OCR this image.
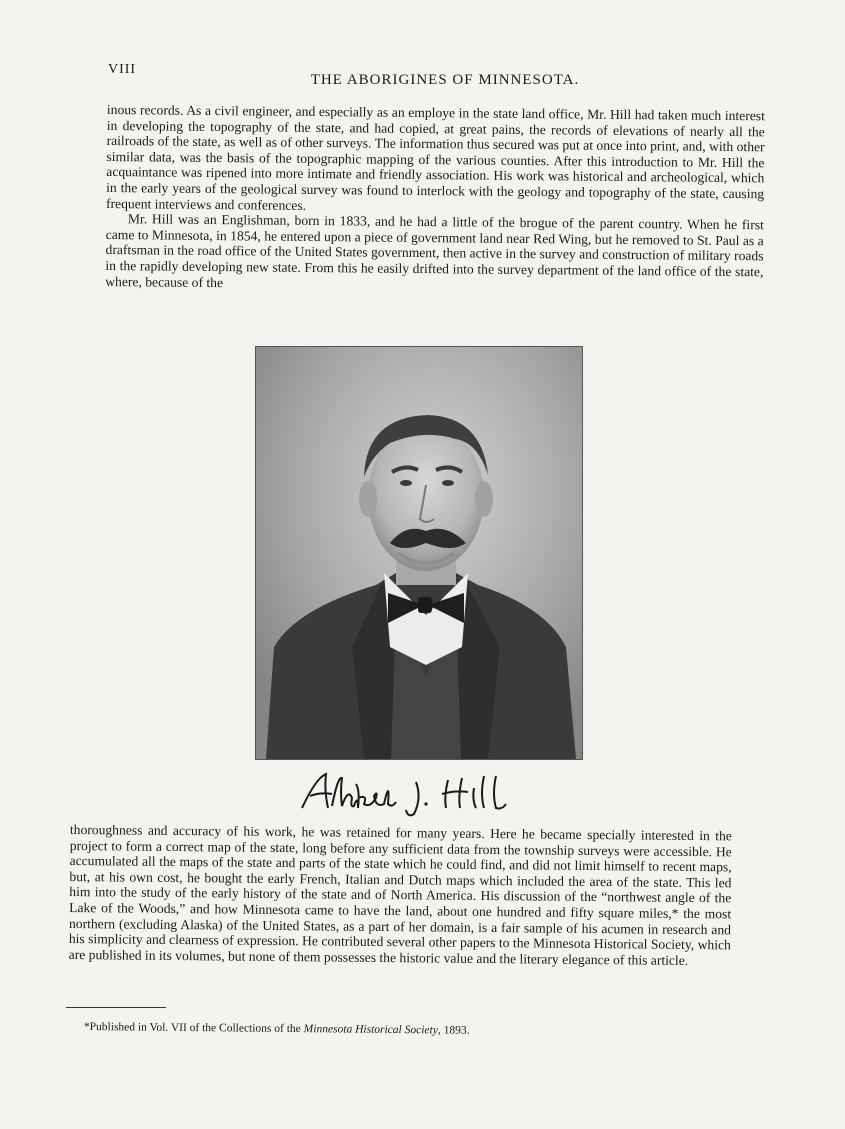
VIII
THE ABORIGINES OF MINNESOTA.

inous records. As a civil engineer, and especially as an employe in the state land office, Mr. Hill had taken much interest in developing the topography of the state, and had copied, at great pains, the records of elevations of nearly all the railroads of the state, as well as of other surveys. The information thus secured was put at once into print, and, with other similar data, was the basis of the topographic mapping of the various counties. After this introduction to Mr. Hill the acquaintance was ripened into more intimate and friendly association. His work was historical and archeological, which in the early years of the geological survey was found to interlock with the geology and topography of the state, causing frequent interviews and conferences.

Mr. Hill was an Englishman, born in 1833, and he had a little of the brogue of the parent country. When he first came to Minnesota, in 1854, he entered upon a piece of government land near Red Wing, but he removed to St. Paul as a draftsman in the road office of the United States government, then active in the survey and construction of military roads in the rapidly developing new state. From this he easily drifted into the survey department of the land office of the state, where, because of the

thoroughness and accuracy of his work, he was retained for many years. Here he became specially interested in the project to form a correct map of the state, long before any sufficient data from the township surveys were accessible. He accumulated all the maps of the state and parts of the state which he could find, and did not limit himself to recent maps, but, at his own cost, he bought the early French, Italian and Dutch maps which included the area of the state. This led him into the study of the early history of the state and of North America. His discussion of the “northwest angle of the Lake of the Woods,” and how Minnesota came to have the land, about one hundred and fifty square miles,* the most northern (excluding Alaska) of the United States, as a part of her domain, is a fair sample of his acumen in research and his simplicity and clearness of expression. He contributed several other papers to the Minnesota Historical Society, which are published in its volumes, but none of them possesses the historic value and the literary elegance of this article.

*Published in Vol. VII of the Collections of the Minnesota Historical Society, 1893.
